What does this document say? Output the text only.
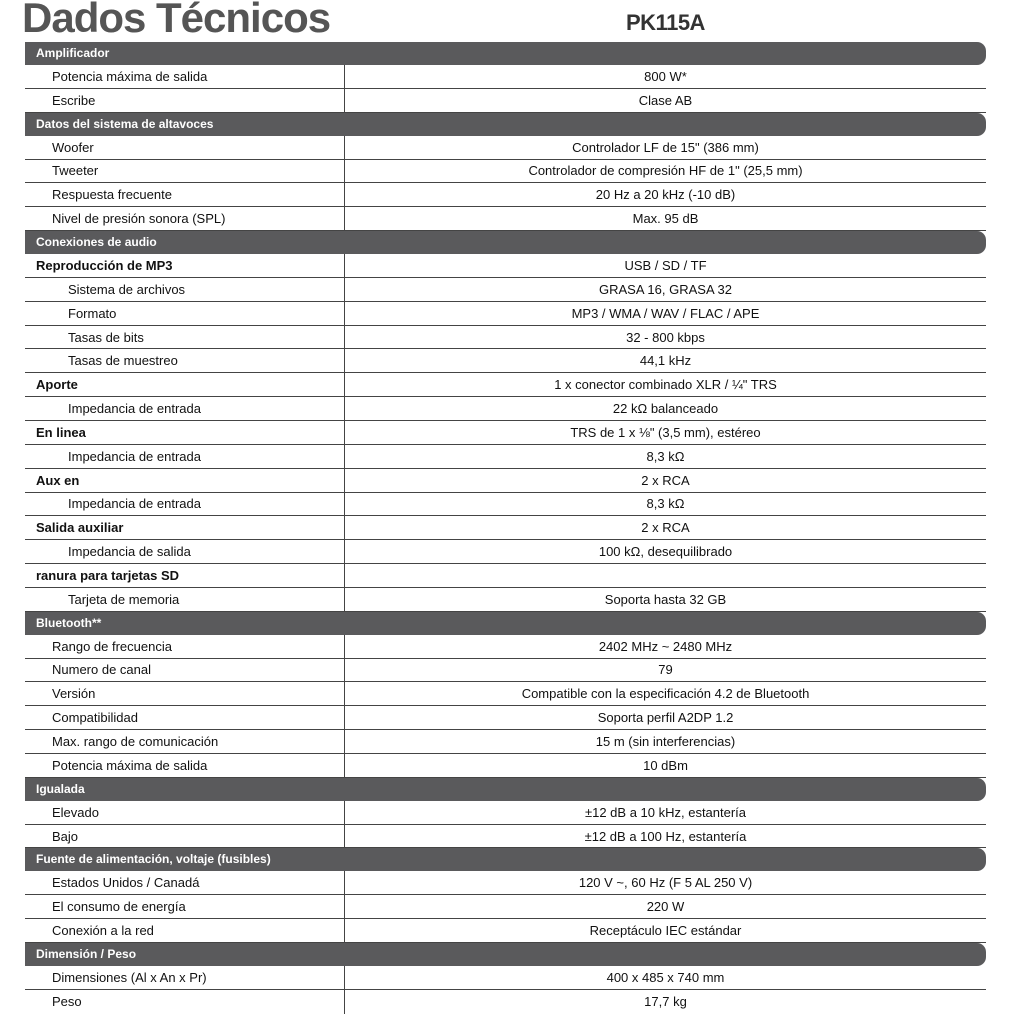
Dados Técnicos	PK115A
Amplificador
Potencia máxima de salida	800 W*
Escribe	Clase AB
Datos del sistema de altavoces
Woofer	Controlador LF de 15" (386 mm)
Tweeter	Controlador de compresión HF de 1" (25,5 mm)
Respuesta frecuente	20 Hz a 20 kHz (-10 dB)
Nivel de presión sonora (SPL)	Max. 95 dB
Conexiones de audio
Reproducción de MP3	USB / SD / TF
Sistema de archivos	GRASA 16, GRASA 32
Formato	MP3 / WMA / WAV / FLAC / APE
Tasas de bits	32 - 800 kbps
Tasas de muestreo	44,1 kHz
Aporte	1 x conector combinado XLR / ¼" TRS
Impedancia de entrada	22 kΩ balanceado
En linea	TRS de 1 x ⅛" (3,5 mm), estéreo
Impedancia de entrada	8,3 kΩ
Aux en	2 x RCA
Impedancia de entrada	8,3 kΩ
Salida auxiliar	2 x RCA
Impedancia de salida	100 kΩ, desequilibrado
ranura para tarjetas SD
Tarjeta de memoria	Soporta hasta 32 GB
Bluetooth**
Rango de frecuencia	2402 MHz ~ 2480 MHz
Numero de canal	79
Versión	Compatible con la especificación 4.2 de Bluetooth
Compatibilidad	Soporta perfil A2DP 1.2
Max. rango de comunicación	15 m (sin interferencias)
Potencia máxima de salida	10 dBm
Igualada
Elevado	±12 dB a 10 kHz, estantería
Bajo	±12 dB a 100 Hz, estantería
Fuente de alimentación, voltaje (fusibles)
Estados Unidos / Canadá	120 V ~, 60 Hz (F 5 AL 250 V)
El consumo de energía	220 W
Conexión a la red	Receptáculo IEC estándar
Dimensión / Peso
Dimensiones (Al x An x Pr)	400 x 485 x 740 mm
Peso	17,7 kg
